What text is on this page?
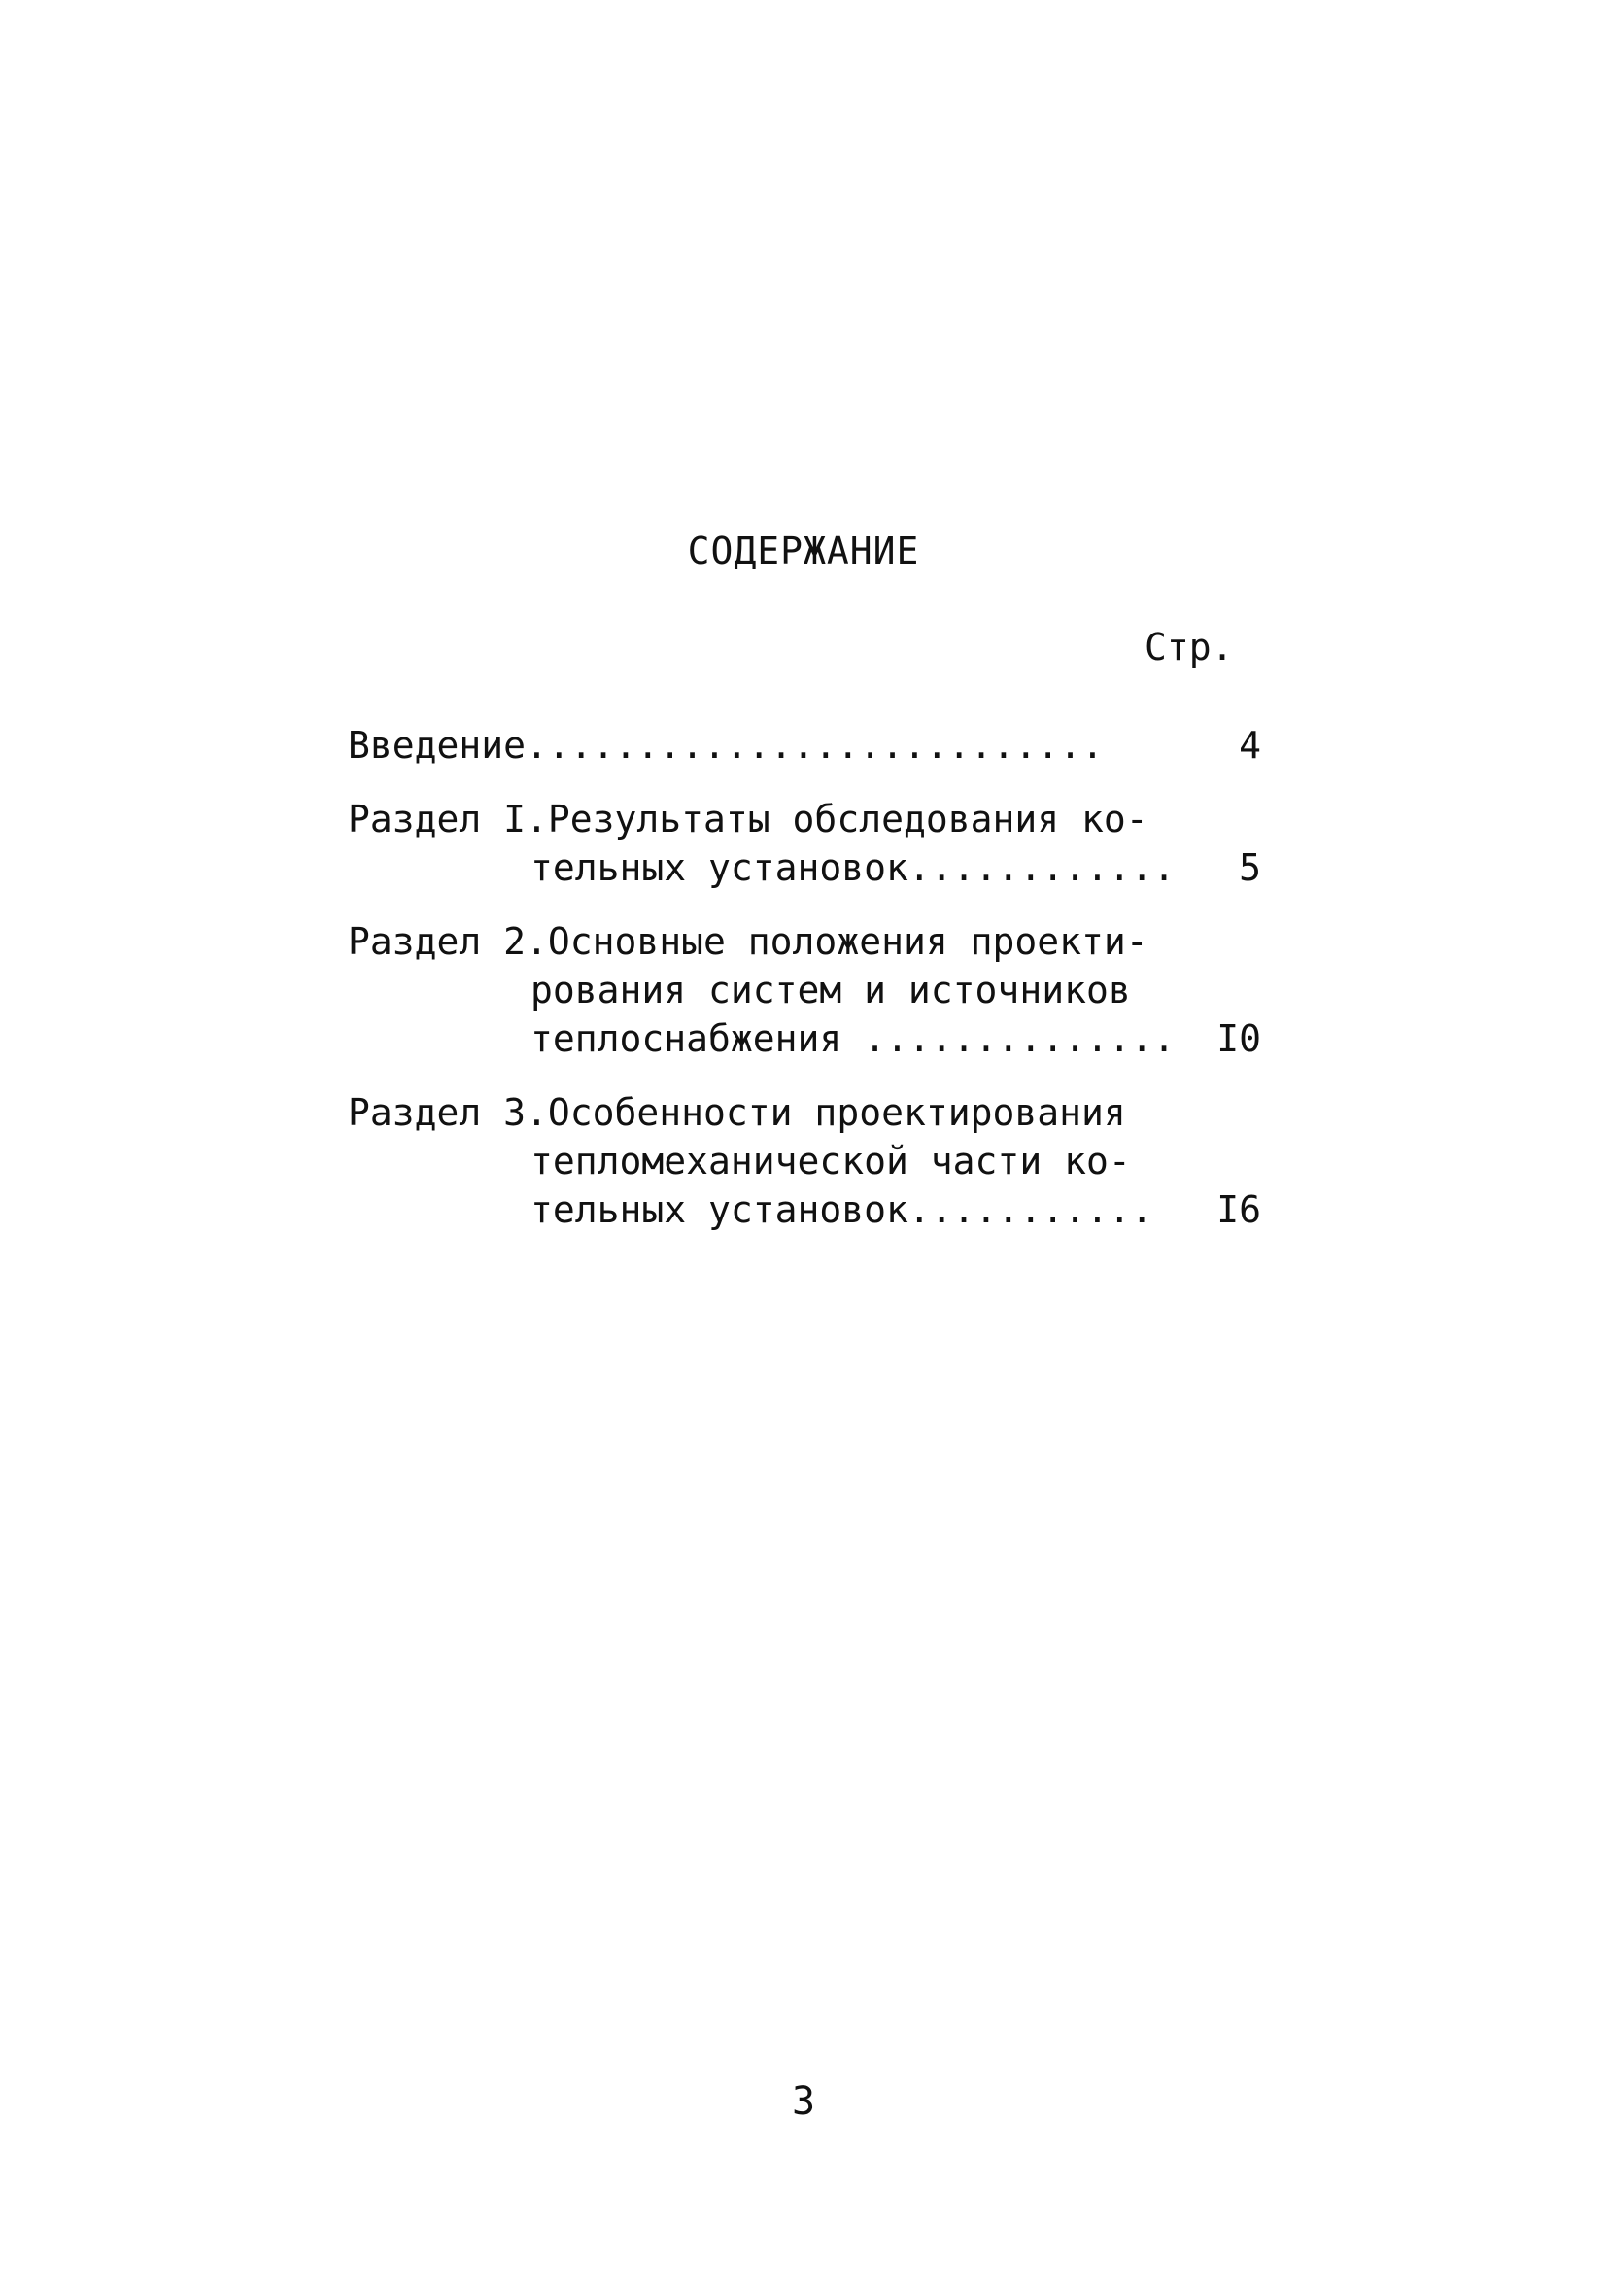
СОДЕРЖАНИЕ
Стр.
Введение..........................	4
Раздел I.Результаты обследования ко-
тельных установок............	5
Раздел 2.Основные положения проекти-
рования систем и источников
теплоснабжения .............. I0
Раздел 3.Особенности проектирования
тепломеханической части ко-
тельных установок........... I6
3
